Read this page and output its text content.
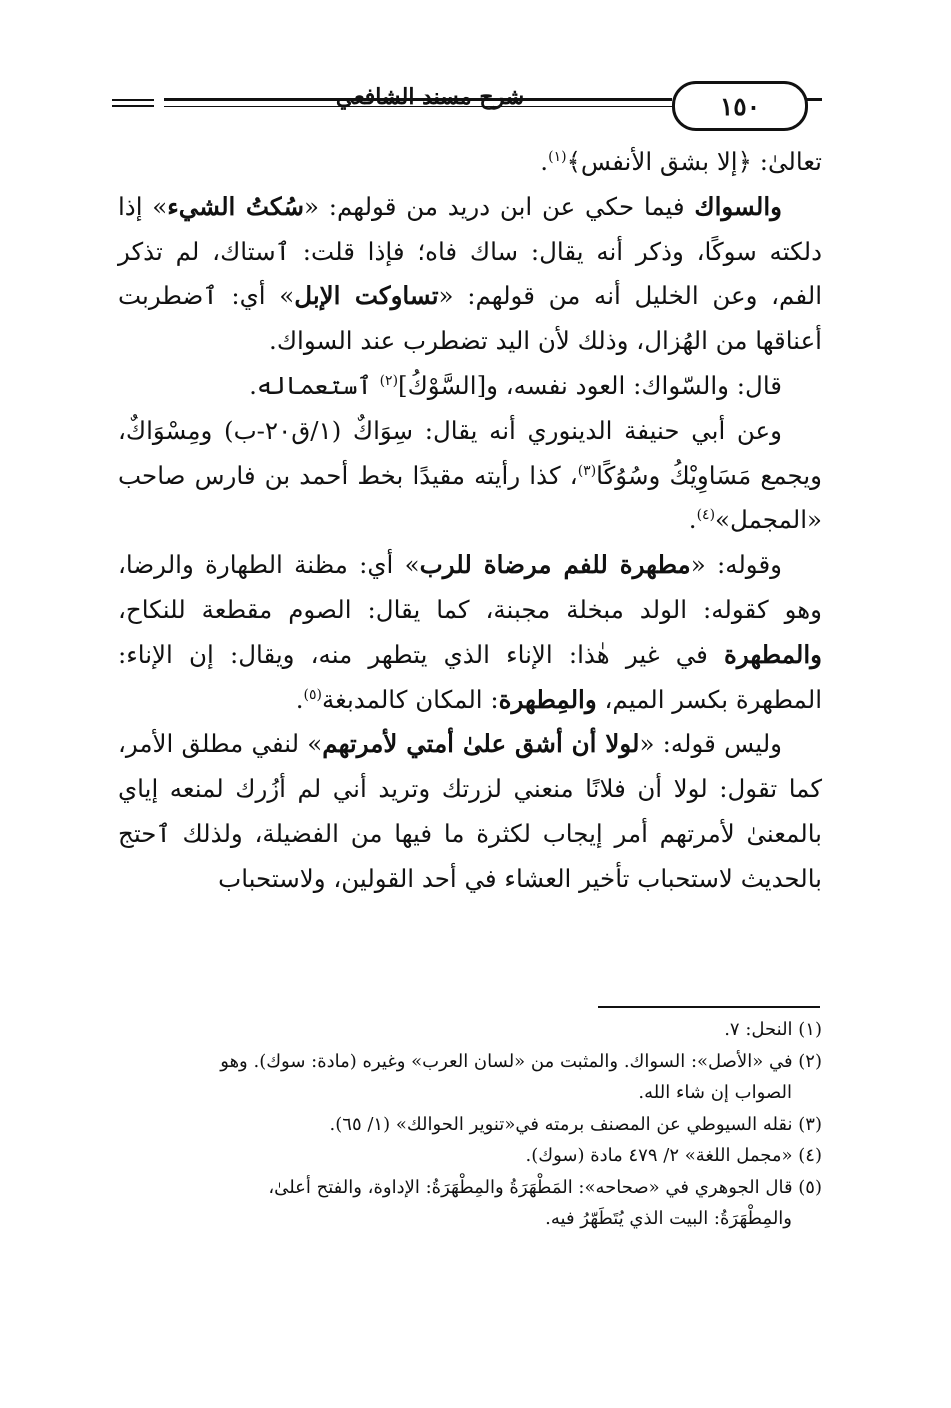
١٥٠
شرح مسند الشافعي

تعالىٰ: ﴿إلا بشق الأنفس﴾$^{(١)}$.

والسواك فيما حكي عن ابن دريد من قولهم: «سُكتُ الشيء» إذا دلكته سوكًا، وذكر أنه يقال: ساك فاه؛ فإذا قلت: ٱستاك، لم تذكر الفم، وعن الخليل أنه من قولهم: «تساوكت الإبل» أي: ٱضطربت أعناقها من الهُزال، وذلك لأن اليد تضطرب عند السواك.

قال: والسّواك: العود نفسه، و[السَّوْكُ]$^{(٢)}$ ٱستعماله.

وعن أبي حنيفة الدينوري أنه يقال: سِوَاكٌ (١/ق٢٠-ب) ومِسْوَاكٌ، ويجمع مَسَاوِيْكُ وسُوُكًا$^{(٣)}$، كذا رأيته مقيدًا بخط أحمد بن فارس صاحب «المجمل»$^{(٤)}$.

وقوله: «مطهرة للفم مرضاة للرب» أي: مظنة الطهارة والرضا، وهو كقوله: الولد مبخلة مجبنة، كما يقال: الصوم مقطعة للنكاح، والمطهرة في غير هٰذا: الإناء الذي يتطهر منه، ويقال: إن الإناء: المطهرة بكسر الميم، والمِطهرة: المكان كالمدبغة$^{(٥)}$.

وليس قوله: «لولا أن أشق علىٰ أمتي لأمرتهم» لنفي مطلق الأمر، كما تقول: لولا أن فلانًا منعني لزرتك وتريد أني لم أزُرك لمنعه إياي بالمعنىٰ لأمرتهم أمر إيجاب لكثرة ما فيها من الفضيلة، ولذلك ٱحتج بالحديث لاستحباب تأخير العشاء في أحد القولين، ولاستحباب

(١) النحل: ٧.

(٢) في «الأصل»: السواك. والمثبت من «لسان العرب» وغيره (مادة: سوك). وهو

الصواب إن شاء الله.

(٣) نقله السيوطي عن المصنف برمته في«تنوير الحوالك» (١/ ٦٥).

(٤) «مجمل اللغة» ٢/ ٤٧٩ مادة (سوك).

(٥) قال الجوهري في «صحاحه»: المَطْهَرَةُ والمِطْهَرَةُ: الإداوة، والفتح أعلىٰ،

والمِطْهَرَةُ: البيت الذي يُتَطَهّرُ فيه.
